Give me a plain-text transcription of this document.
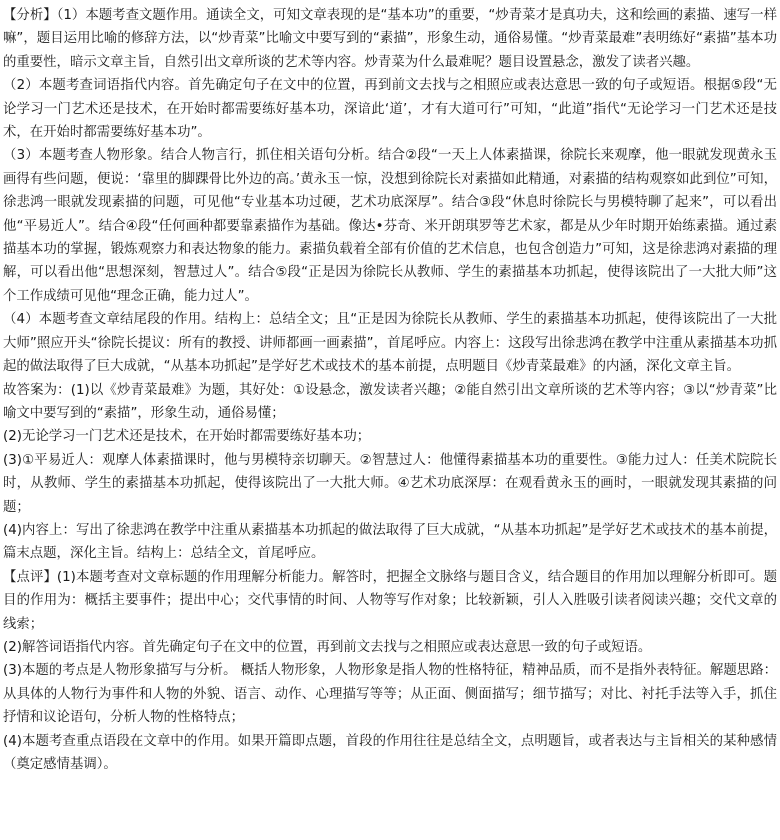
【分析】（1）本题考查文题作用。通读全文，可知文章表现的是“基本功”的重要，“炒青菜才是真功夫，这和绘画的素描、速写一样嘛”，题目运用比喻的修辞方法，以“炒青菜”比喻文中要写到的“素描”，形象生动，通俗易懂。“炒青菜最难”表明练好“素描”基本功的重要性，暗示文章主旨，自然引出文章所谈的艺术等内容。炒青菜为什么最难呢？题目设置悬念，激发了读者兴趣。

（2）本题考查词语指代内容。首先确定句子在文中的位置，再到前文去找与之相照应或表达意思一致的句子或短语。根据⑤段“无论学习一门艺术还是技术，在开始时都需要练好基本功，深谙此‘道’，才有大道可行”可知，“此道”指代“无论学习一门艺术还是技术，在开始时都需要练好基本功”。

（3）本题考查人物形象。结合人物言行，抓住相关语句分析。结合②段“一天上人体素描课，徐院长来观摩，他一眼就发现黄永玉画得有些问题，便说：‘靠里的脚踝骨比外边的高。’黄永玉一惊，没想到徐院长对素描如此精通，对素描的结构观察如此到位”可知，徐悲鸿一眼就发现素描的问题，可见他“专业基本功过硬，艺术功底深厚”。结合③段“休息时徐院长与男模特聊了起来”，可以看出他“平易近人”。结合④段“任何画种都要靠素描作为基础。像达•芬奇、米开朗琪罗等艺术家，都是从少年时期开始练素描。通过素描基本功的掌握，锻炼观察力和表达物象的能力。素描负载着全部有价值的艺术信息，也包含创造力”可知，这是徐悲鸿对素描的理解，可以看出他“思想深刻，智慧过人”。结合⑤段“正是因为徐院长从教师、学生的素描基本功抓起，使得该院出了一大批大师”这个工作成绩可见他“理念正确，能力过人”。

（4）本题考查文章结尾段的作用。结构上：总结全文；且“正是因为徐院长从教师、学生的素描基本功抓起，使得该院出了一大批大师”照应开头“徐院长提议：所有的教授、讲师都画一画素描”，首尾呼应。内容上：这段写出徐悲鸿在教学中注重从素描基本功抓起的做法取得了巨大成就，“从基本功抓起”是学好艺术或技术的基本前提，点明题目《炒青菜最难》的内涵，深化文章主旨。

故答案为：(1)以《炒青菜最难》为题，其好处：①设悬念，激发读者兴趣；②能自然引出文章所谈的艺术等内容；③以“炒青菜”比喻文中要写到的“素描”，形象生动，通俗易懂；

(2)无论学习一门艺术还是技术，在开始时都需要练好基本功；

(3)①平易近人：观摩人体素描课时，他与男模特亲切聊天。②智慧过人：他懂得素描基本功的重要性。③能力过人：任美术院院长时，从教师、学生的素描基本功抓起，使得该院出了一大批大师。④艺术功底深厚：在观看黄永玉的画时，一眼就发现其素描的问题；

(4)内容上：写出了徐悲鸿在教学中注重从素描基本功抓起的做法取得了巨大成就，“从基本功抓起”是学好艺术或技术的基本前提，篇末点题，深化主旨。结构上：总结全文，首尾呼应。

【点评】(1)本题考查对文章标题的作用理解分析能力。解答时，把握全文脉络与题目含义，结合题目的作用加以理解分析即可。题目的作用为：概括主要事件；提出中心；交代事情的时间、人物等写作对象；比较新颖，引人入胜吸引读者阅读兴趣；交代文章的线索；

(2)解答词语指代内容。首先确定句子在文中的位置，再到前文去找与之相照应或表达意思一致的句子或短语。

(3)本题的考点是人物形象描写与分析。 概括人物形象，人物形象是指人物的性格特征，精神品质，而不是指外表特征。解题思路：从具体的人物行为事件和人物的外貌、语言、动作、心理描写等等；从正面、侧面描写；细节描写；对比、衬托手法等入手，抓住抒情和议论语句，分析人物的性格特点；

(4)本题考查重点语段在文章中的作用。如果开篇即点题，首段的作用往往是总结全文，点明题旨，或者表达与主旨相关的某种感情（奠定感情基调）。
